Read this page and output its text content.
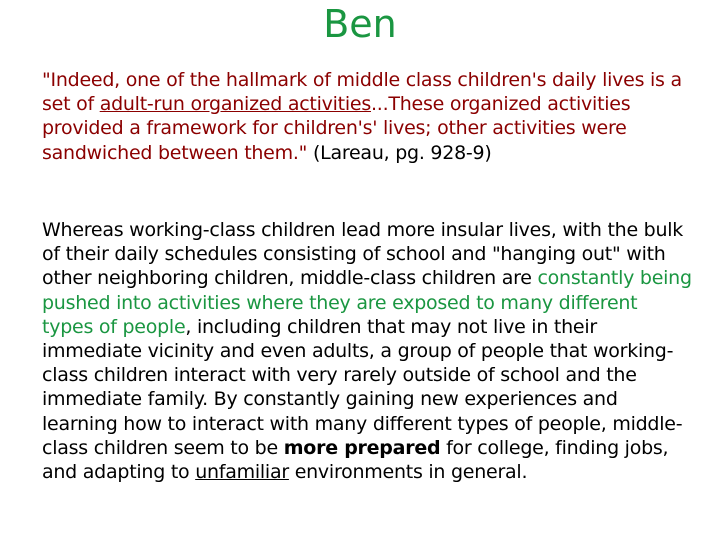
Ben
"Indeed, one of the hallmark of middle class children's daily lives is a set of adult-run organized activities...These organized activities provided a framework for children's' lives; other activities were sandwiched between them." (Lareau, pg. 928-9)
Whereas working-class children lead more insular lives, with the bulk of their daily schedules consisting of school and "hanging out" with other neighboring children, middle-class children are constantly being pushed into activities where they are exposed to many different types of people, including children that may not live in their immediate vicinity and even adults, a group of people that working-class children interact with very rarely outside of school and the immediate family. By constantly gaining new experiences and learning how to interact with many different types of people, middle-class children seem to be more prepared for college, finding jobs, and adapting to unfamiliar environments in general.
